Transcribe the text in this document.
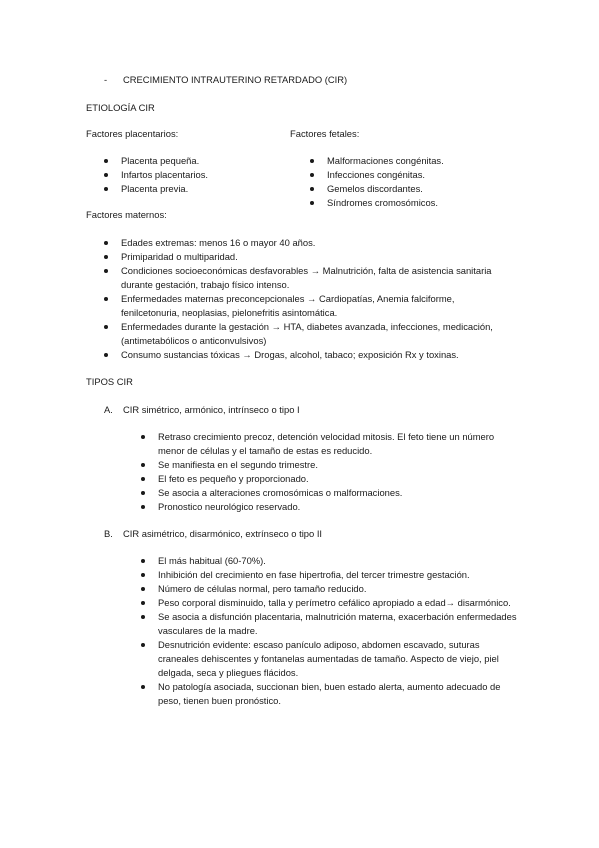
- CRECIMIENTO INTRAUTERINO RETARDADO (CIR)
ETIOLOGÍA CIR
Factores placentarios:	Factores fetales:
Placenta pequeña.
Infartos placentarios.
Placenta previa.
Malformaciones congénitas.
Infecciones congénitas.
Gemelos discordantes.
Síndromes cromosómicos.
Factores maternos:
Edades extremas: menos 16 o mayor 40 años.
Primiparidad o multiparidad.
Condiciones socioeconómicas desfavorables → Malnutrición, falta de asistencia sanitaria durante gestación, trabajo físico intenso.
Enfermedades maternas preconcepcionales → Cardiopatías, Anemia falciforme, fenilcetonuria, neoplasias, pielonefritis asintomática.
Enfermedades durante la gestación → HTA, diabetes avanzada, infecciones, medicación, (antimetabólicos o anticonvulsivos)
Consumo sustancias tóxicas → Drogas, alcohol, tabaco; exposición Rx y toxinas.
TIPOS CIR
A. CIR simétrico, armónico, intrínseco o tipo I
Retraso crecimiento precoz, detención velocidad mitosis. El feto tiene un número menor de células y el tamaño de estas es reducido.
Se manifiesta en el segundo trimestre.
El feto es pequeño y proporcionado.
Se asocia a alteraciones cromosómicas o malformaciones.
Pronostico neurológico reservado.
B. CIR asimétrico, disarmónico, extrínseco o tipo II
El más habitual (60-70%).
Inhibición del crecimiento en fase hipertrofia, del tercer trimestre gestación.
Número de células normal, pero tamaño reducido.
Peso corporal disminuido, talla y perímetro cefálico apropiado a edad→ disarmónico.
Se asocia a disfunción placentaria, malnutrición materna, exacerbación enfermedades vasculares de la madre.
Desnutrición evidente: escaso panículo adiposo, abdomen escavado, suturas craneales dehiscentes y fontanelas aumentadas de tamaño. Aspecto de viejo, piel delgada, seca y pliegues flácidos.
No patología asociada, succionan bien, buen estado alerta, aumento adecuado de peso, tienen buen pronóstico.
